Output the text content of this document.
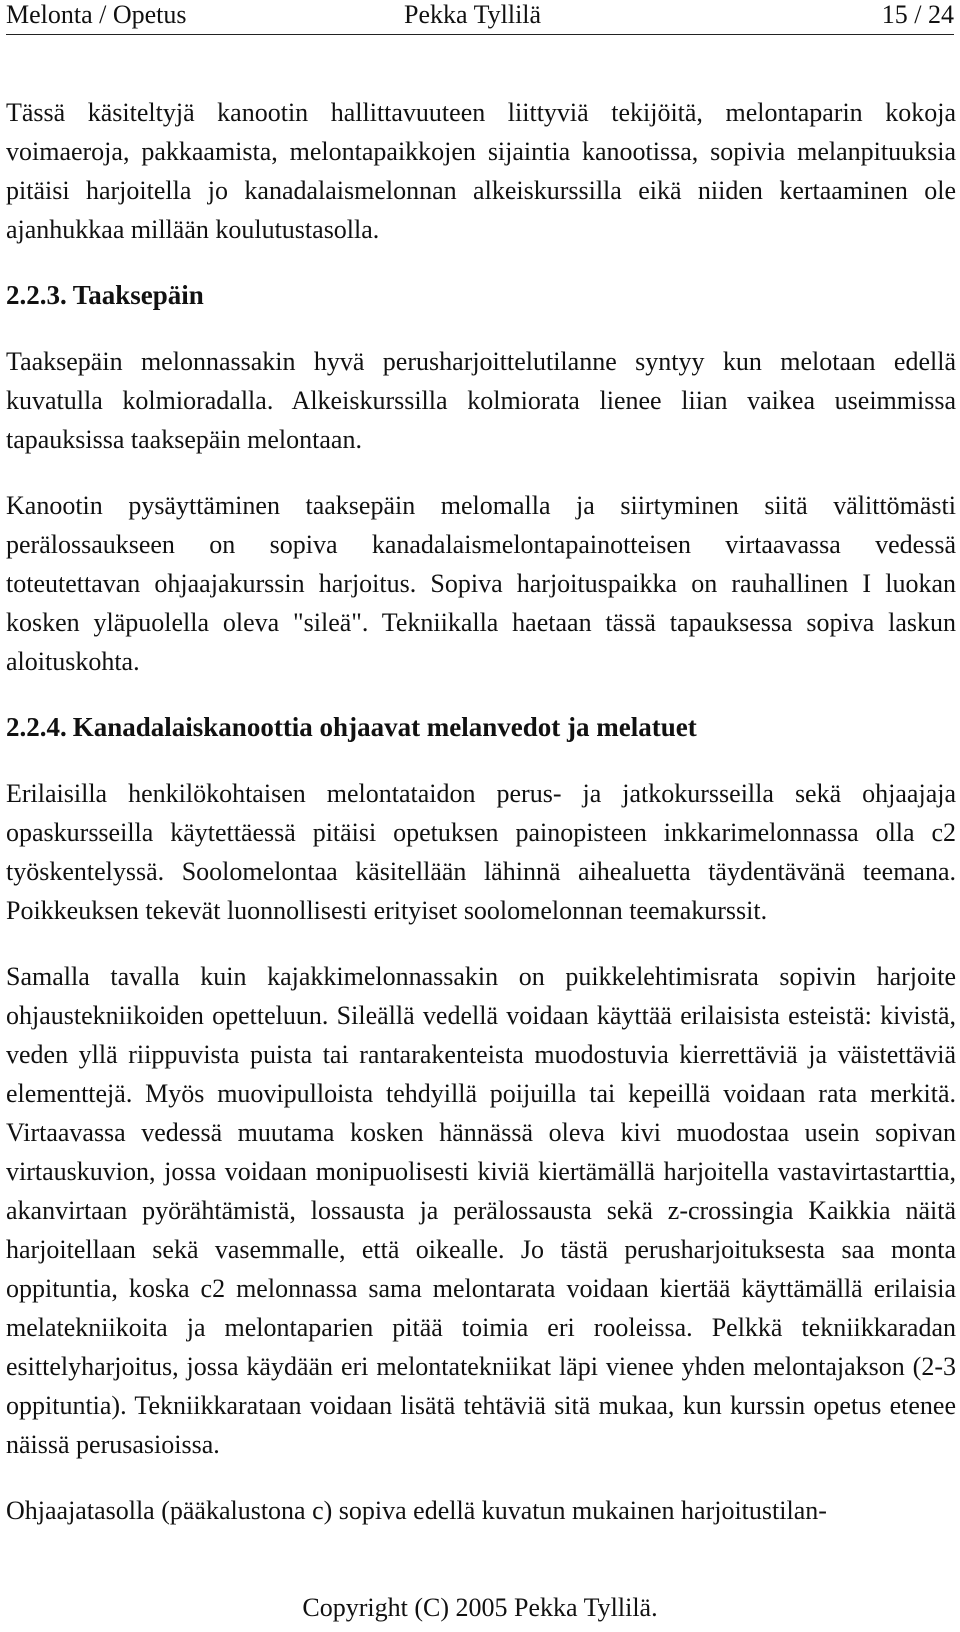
Melonta / Opetus	Pekka Tyllilä	15 / 24

Tässä käsiteltyjä kanootin hallittavuuteen liittyviä tekijöitä, melontaparin kokoja voimaeroja, pakkaamista, melontapaikkojen sijaintia kanootissa, sopivia melanpituuksia pitäisi harjoitella jo kanadalaismelonnan alkeiskurssilla eikä niiden kertaaminen ole ajanhukkaa millään koulutustasolla.

2.2.3. Taaksepäin

Taaksepäin melonnassakin hyvä perusharjoittelutilanne syntyy kun melotaan edellä kuvatulla kolmioradalla. Alkeiskurssilla kolmiorata lienee liian vaikea useimmissa tapauksissa taaksepäin melontaan.

Kanootin pysäyttäminen taaksepäin melomalla ja siirtyminen siitä välittömästi perälossaukseen on sopiva kanadalaismelontapainotteisen virtaavassa vedessä toteutettavan ohjaajakurssin harjoitus. Sopiva harjoituspaikka on rauhallinen I luokan kosken yläpuolella oleva "sileä". Tekniikalla haetaan tässä tapauksessa sopiva laskun aloituskohta.

2.2.4. Kanadalaiskanoottia ohjaavat melanvedot ja melatuet

Erilaisilla henkilökohtaisen melontataidon perus- ja jatkokursseilla sekä ohjaajaja opaskursseilla käytettäessä pitäisi opetuksen painopisteen inkkarimelonnassa olla c2 työskentelyssä. Soolomelontaa käsitellään lähinnä aihealuetta täydentävänä teemana. Poikkeuksen tekevät luonnollisesti erityiset soolomelonnan teemakurssit.

Samalla tavalla kuin kajakkimelonnassakin on puikkelehtimisrata sopivin harjoite ohjaustekniikoiden opetteluun. Sileällä vedellä voidaan käyttää erilaisista esteistä: kivistä, veden yllä riippuvista puista tai rantarakenteista muodostuvia kierrettäviä ja väistettäviä elementtejä. Myös muovipulloista tehdyillä poijuilla tai kepeillä voidaan rata merkitä. Virtaavassa vedessä muutama kosken hännässä oleva kivi muodostaa usein sopivan virtauskuvion, jossa voidaan monipuolisesti kiviä kiertämällä harjoitella vastavirtastarttia, akanvirtaan pyörähtämistä, lossausta ja perälossausta sekä z-crossingia Kaikkia näitä harjoitellaan sekä vasemmalle, että oikealle. Jo tästä perusharjoituksesta saa monta oppituntia, koska c2 melonnassa sama melontarata voidaan kiertää käyttämällä erilaisia melatekniikoita ja melontaparien pitää toimia eri rooleissa. Pelkkä tekniikkaradan esittelyharjoitus, jossa käydään eri melontatekniikat läpi vienee yhden melontajakson (2-3 oppituntia). Tekniikkarataan voidaan lisätä tehtäviä sitä mukaa, kun kurssin opetus etenee näissä perusasioissa.

Ohjaajatasolla (pääkalustona c) sopiva edellä kuvatun mukainen harjoitustilan-

Copyright (C) 2005 Pekka Tyllilä.
